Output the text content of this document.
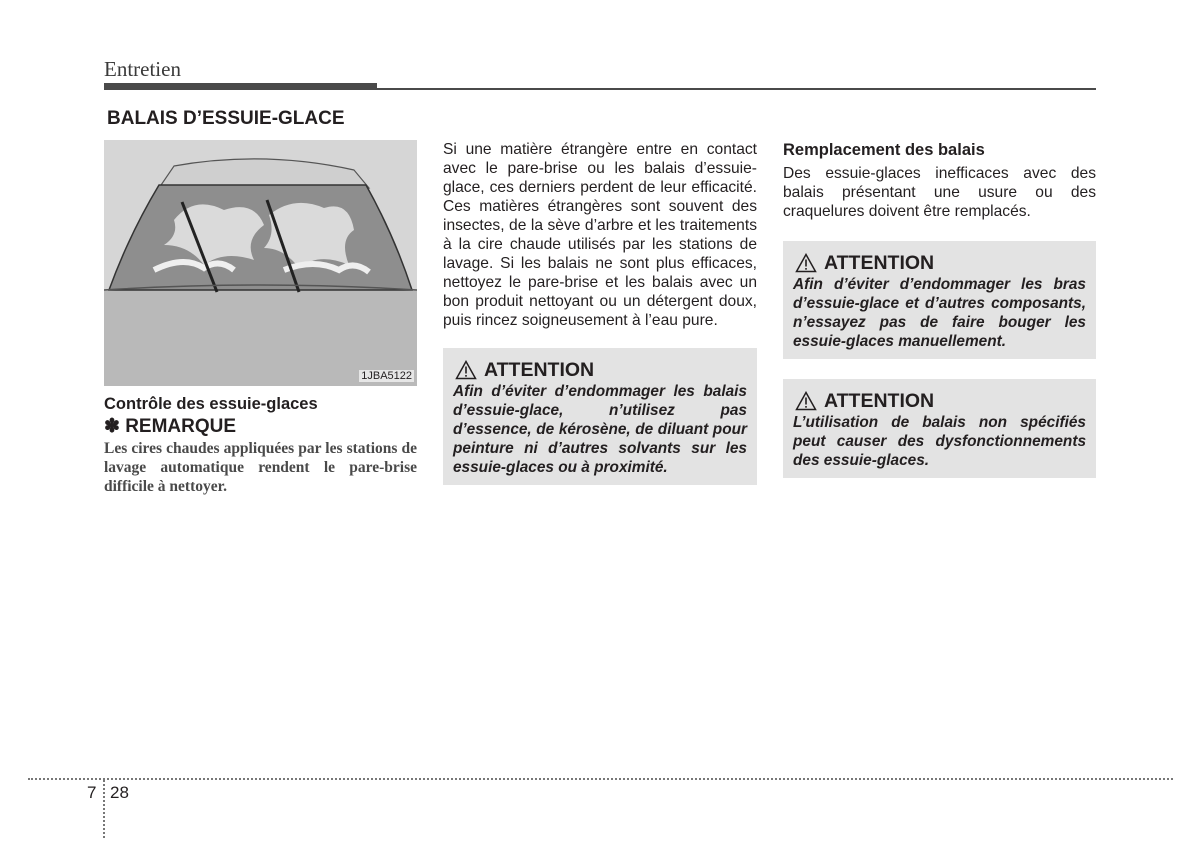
Entretien
BALAIS D’ESSUIE-GLACE
1JBA5122
Contrôle des essuie-glaces
✽ REMARQUE
Les cires chaudes appliquées par les stations de lavage automatique rendent le pare-brise difficile à nettoyer.

Si une matière étrangère entre en contact avec le pare-brise ou les balais d’essuie-glace, ces derniers perdent de leur efficacité. Ces matières étrangères sont souvent des insectes, de la sève d’arbre et les traitements à la cire chaude utilisés par les stations de lavage. Si les balais ne sont plus efficaces, nettoyez le pare-brise et les balais avec un bon produit nettoyant ou un détergent doux, puis rincez soigneusement à l’eau pure.

ATTENTION
Afin d’éviter d’endommager les balais d’essuie-glace, n’utilisez pas d’essence, de kérosène, de diluant pour peinture ni d’autres solvants sur les essuie-glaces ou à proximité.
Remplacement des balais

Des essuie-glaces inefficaces avec des balais présentant une usure ou des craquelures doivent être remplacés.

ATTENTION
Afin d’éviter d’endommager les bras d’essuie-glace et d’autres composants, n’essayez pas de faire bouger les essuie-glaces manuellement.
ATTENTION
L’utilisation de balais non spécifiés peut causer des dysfonctionnements des essuie-glaces.
7 28
